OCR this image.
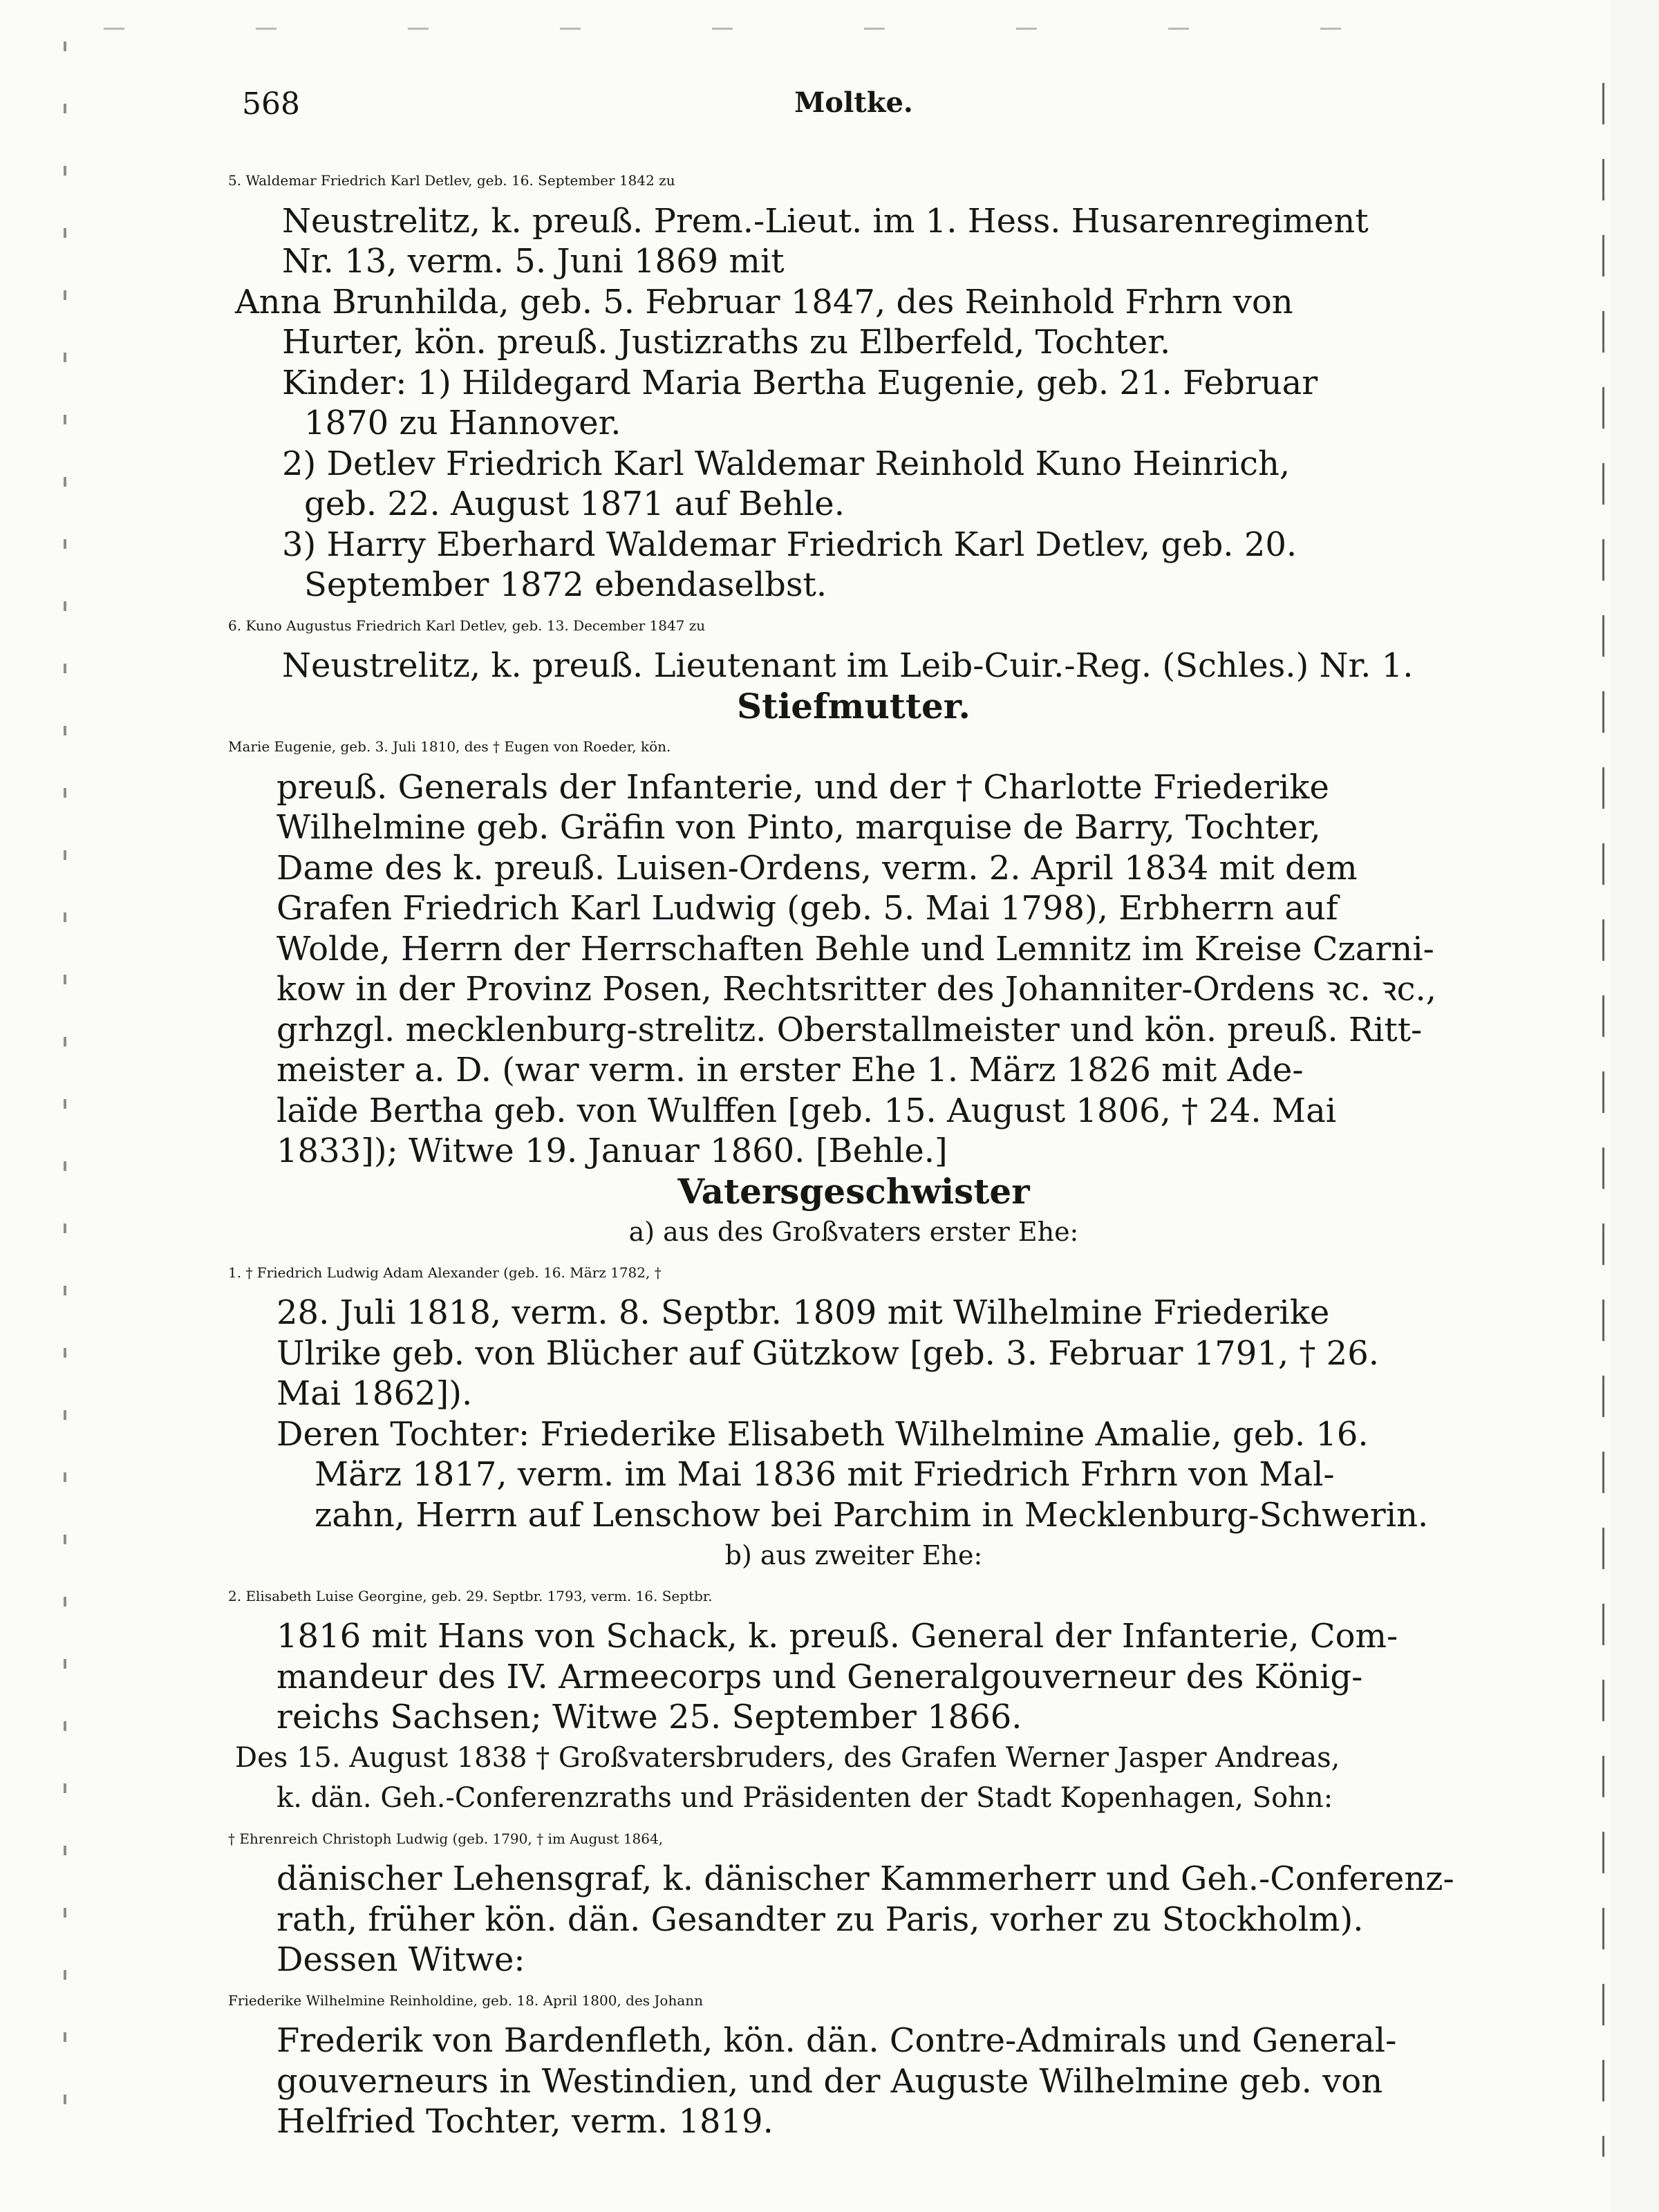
568	Moltke.
5. Waldemar Friedrich Karl Detlev, geb. 16. September 1842 zu
Neustrelitz, k. preuß. Prem.-Lieut. im 1. Hess. Husarenregiment
Nr. 13, verm. 5. Juni 1869 mit
Anna Brunhilda, geb. 5. Februar 1847, des Reinhold Frhrn von
Hurter, kön. preuß. Justizraths zu Elberfeld, Tochter.
Kinder: 1) Hildegard Maria Bertha Eugenie, geb. 21. Februar
1870 zu Hannover.
2) Detlev Friedrich Karl Waldemar Reinhold Kuno Heinrich,
geb. 22. August 1871 auf Behle.
3) Harry Eberhard Waldemar Friedrich Karl Detlev, geb. 20.
September 1872 ebendaselbst.
6. Kuno Augustus Friedrich Karl Detlev, geb. 13. December 1847 zu
Neustrelitz, k. preuß. Lieutenant im Leib-Cuir.-Reg. (Schles.) Nr. 1.
Stiefmutter.
Marie Eugenie, geb. 3. Juli 1810, des † Eugen von Roeder, kön.
preuß. Generals der Infanterie, und der † Charlotte Friederike
Wilhelmine geb. Gräfin von Pinto, marquise de Barry, Tochter,
Dame des k. preuß. Luisen-Ordens, verm. 2. April 1834 mit dem
Grafen Friedrich Karl Ludwig (geb. 5. Mai 1798), Erbherrn auf
Wolde, Herrn der Herrschaften Behle und Lemnitz im Kreise Czarni-
kow in der Provinz Posen, Rechtsritter des Johanniter-Ordens ꝛc. ꝛc.,
grhzgl. mecklenburg-strelitz. Oberstallmeister und kön. preuß. Ritt-
meister a. D. (war verm. in erster Ehe 1. März 1826 mit Ade-
laïde Bertha geb. von Wulffen [geb. 15. August 1806, † 24. Mai
1833]); Witwe 19. Januar 1860. [Behle.]
Vatersgeschwister
a) aus des Großvaters erster Ehe:
1. † Friedrich Ludwig Adam Alexander (geb. 16. März 1782, †
28. Juli 1818, verm. 8. Septbr. 1809 mit Wilhelmine Friederike
Ulrike geb. von Blücher auf Gützkow [geb. 3. Februar 1791, † 26.
Mai 1862]).
Deren Tochter: Friederike Elisabeth Wilhelmine Amalie, geb. 16.
März 1817, verm. im Mai 1836 mit Friedrich Frhrn von Mal-
zahn, Herrn auf Lenschow bei Parchim in Mecklenburg-Schwerin.
b) aus zweiter Ehe:
2. Elisabeth Luise Georgine, geb. 29. Septbr. 1793, verm. 16. Septbr.
1816 mit Hans von Schack, k. preuß. General der Infanterie, Com-
mandeur des IV. Armeecorps und Generalgouverneur des König-
reichs Sachsen; Witwe 25. September 1866.
Des 15. August 1838 † Großvatersbruders, des Grafen Werner Jasper Andreas,
k. dän. Geh.-Conferenzraths und Präsidenten der Stadt Kopenhagen, Sohn:
† Ehrenreich Christoph Ludwig (geb. 1790, † im August 1864,
dänischer Lehensgraf, k. dänischer Kammerherr und Geh.-Conferenz-
rath, früher kön. dän. Gesandter zu Paris, vorher zu Stockholm).
Dessen Witwe:
Friederike Wilhelmine Reinholdine, geb. 18. April 1800, des Johann
Frederik von Bardenfleth, kön. dän. Contre-Admirals und General-
gouverneurs in Westindien, und der Auguste Wilhelmine geb. von
Helfried Tochter, verm. 1819.
